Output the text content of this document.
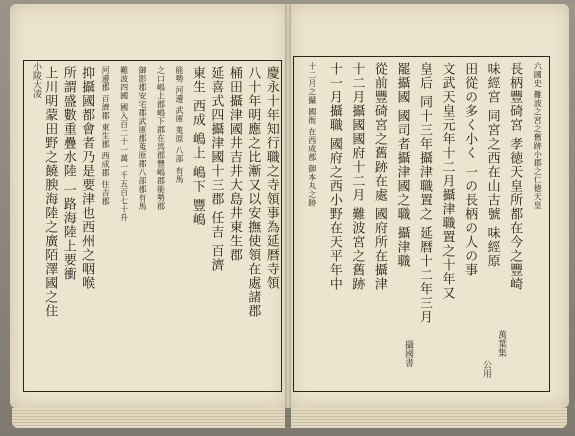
小陵大凌	慶永十年知行職之寺領事為延暦寺領
八十年明應之比漸又以安撫使領在處諸郡
桶田攝津國井吉井大島井東生郡
延喜式四攝津國十三郡 任吉 百濟
東生 西成 嶋上 嶋下 豐嶋
能勢 河邊 武庫 莵原 八部 有馬
之口嶋上郡嶋下郡在馬郡豐嶋郡能勢郡
御影郡安宅郡武庫郡莵原郡八部郡有馬
難波四國 國入百二十一萬一千五百七十升
河邊郡 百濟郡 東生郡 西成郡 住吉郡
抑攝國都會者乃是要津也西州之咽喉
所謂盛數重疊水陸 一路海陸上要衝
上川明蒙田野之饒腴海陸之廣陌澤國之住	六國史 難波之宮之舊跡小郡之仁徳天皇
長柄豐碕宮 孝徳天皇所都在今之豐崎
味經宮 同宮之西在山古號 味經原
田從の多く小く 一の長柄の人の事
文武天皇元年十二月攝津職置之十年又
皇后 同十三年攝津職置之 延暦十二年三月
罷攝國 國司者攝津國之職 攝津職
從前豐碕宮之舊跡在處 國府所在攝津
十二月攝國國府十二月 難波宮之舊跡
十一月攝職 國府之西小野在天平年中
十二月之攝 國衙 在西成郡 御本丸之跡
攝國書
公用
萬葉集
